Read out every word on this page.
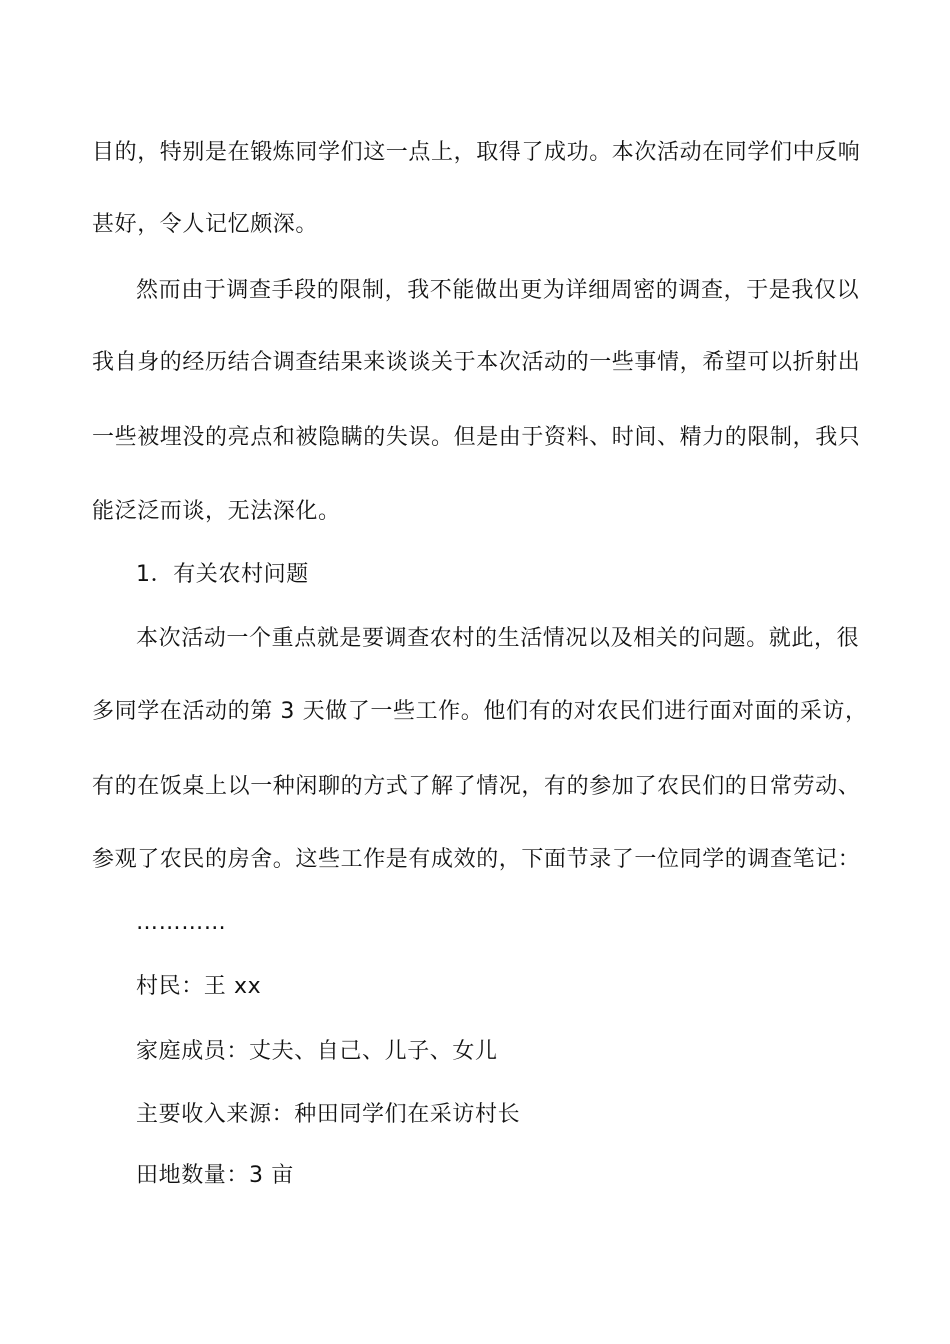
目的，特别是在锻炼同学们这一点上，取得了成功。本次活动在同学们中反响
甚好，令人记忆颇深。
然而由于调查手段的限制，我不能做出更为详细周密的调查，于是我仅以
我自身的经历结合调查结果来谈谈关于本次活动的一些事情，希望可以折射出
一些被埋没的亮点和被隐瞒的失误。但是由于资料、时间、精力的限制，我只
能泛泛而谈，无法深化。
1．有关农村问题
本次活动一个重点就是要调查农村的生活情况以及相关的问题。就此，很
多同学在活动的第 3 天做了一些工作。他们有的对农民们进行面对面的采访，
有的在饭桌上以一种闲聊的方式了解了情况，有的参加了农民们的日常劳动、
参观了农民的房舍。这些工作是有成效的，下面节录了一位同学的调查笔记：
…………
村民：王 xx
家庭成员：丈夫、自己、儿子、女儿
主要收入来源：种田同学们在采访村长
田地数量：3 亩
